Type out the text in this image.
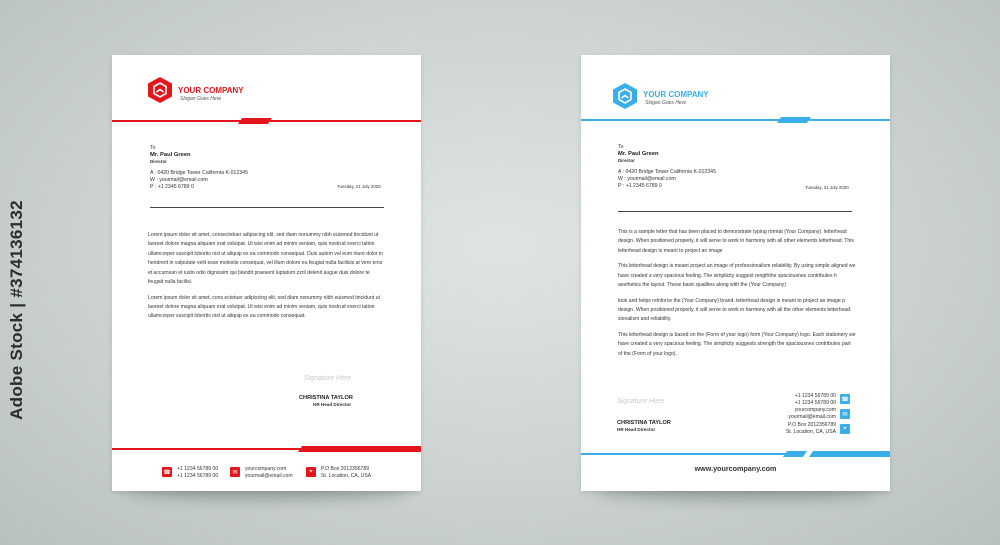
Adobe Stock | #374136132
YOUR COMPANY
Slogan Goes Here
To
Mr. Paul Green
Director
A : 0420 Bridge Tower California K-012345
W : yourmail@email.com
P : +1 2345 6789 0	Tuesday, 21 July 2020

Lorem ipsum dolor sit amet, consectetuer adipiscing elit, sed diam nonummy nibh euismod tincidunt ut laoreet dolore magna aliquam erat volutpat. Ut wisi enim ad minim veniam, quis nostrud exerci tation ullamcorper suscipit lobortis nisl ut aliquip ex ea commodo consequat. Duis autem vel eum iriure dolor in hendrerit in vulputate velit esse molestie consequat, vel illum dolore eu feugiat nulla facilisis at vero eros et accumsan et iusto odio dignissim qui blandit praesent luptatum zzril delenit augue duis dolore te feugait nulla facilisi.

Lorem ipsum dolor sit amet, cons ectetuer adipiscing elit, sed diam nonummy nibh euismod tincidunt ut laoreet dolore magna aliquam erat volutpat. Ut wisi enim ad minim veniam, quis nostrud exerci tation ullamcorper suscipit lobortis nisl ut aliquip ex ea commodo consequat.

Signature Here
CHRISTINA TAYLOR
HR Head Director
☎
+1 1234 56789 00
+1 1234 56789 00
✉
yourcompany.com
yourmail@email.com
⌖	P.O Box 2012356789
St. Location, CA, USA
YOUR COMPANY
Slogan Goes Here
To
Mr. Paul Green
Director
A : 0420 Bridge Tower California K-012345
W : yourmail@email.com
P : +1 2345 6789 0	Tuesday, 21 July 2020

This is a sample letter that has been placed to demonstrate typing rormat (Your Company). letterhead design. When positioned properly, it will serve to work in harmony with all other elements letterhead. This letterhead design is meant to project an image

This letterhead design is meant project an image of professionalism reliability. By using simple aligned we have created a very spacious feeling. The simplicity suggest rengththe spaciousnes contributes h aesthetics the layout. These basic qualities along with the (Your Company)

look and helps reinforce the (Your Company) brand. letterhead design is meant to project an image p design. When positioned properly, it will serve to work in harmony with all the other elements letterhead. sionalism and reliability.

This letterhead design is based on the (Form of your logo) form (Your Company) logo. Each stationery we have created a very spacious feeling. The simplicity suggests strength the spaciousnes contributes part of the (Form of your logo).

Signature Here
CHRISTINA TAYLOR
HR Head Director
+1 1234 56789 00
+1 1234 56789 00
☎
yourcompany.com
yourmail@email.com	✉
P.O Box 2012356789
St. Location, CA, USA
⌖
www.yourcompany.com
